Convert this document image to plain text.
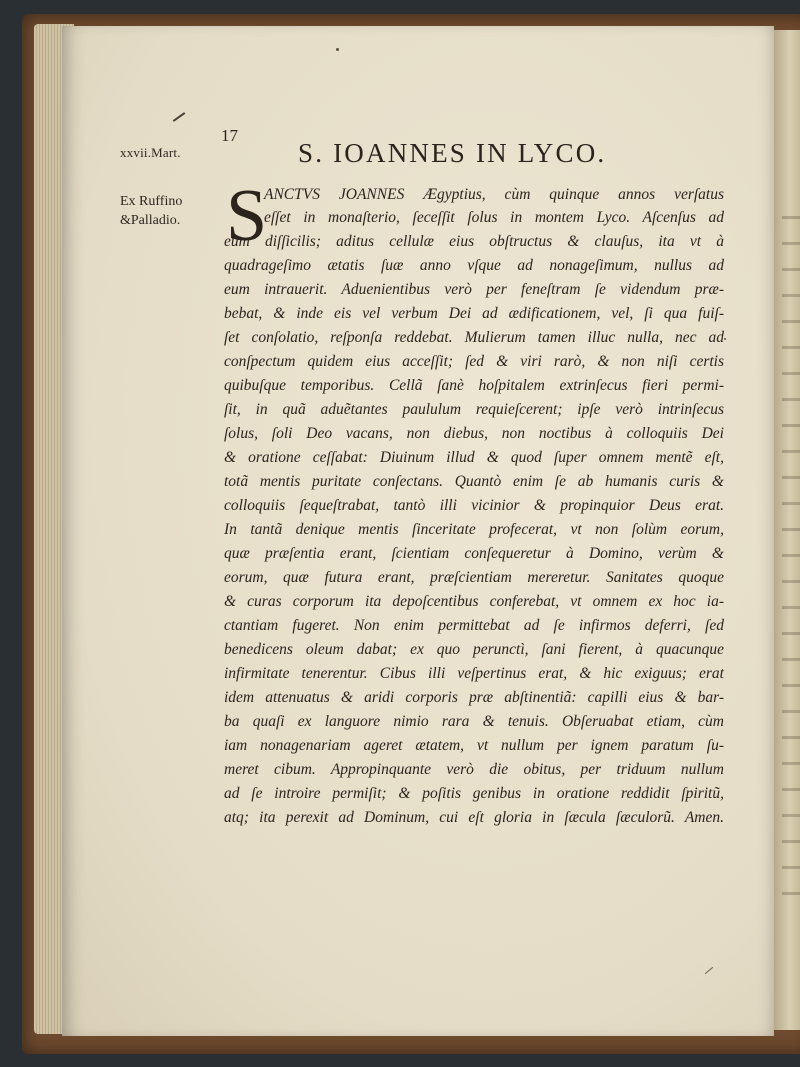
17
xxvii.Mart.	S. IOANNES IN LYCO.
Ex Ruffino
&Palladio. S
ANCTVS JOANNES Ægyptius, cùm quinque annos verſatus
eſſet in monaſterio, ſeceſſit ſolus in montem Lyco. Aſcenſus ad
eum diſſicilis; aditus cellulæ eius obſtructus & clauſus, ita vt à
quadrageſimo ætatis ſuæ anno vſque ad nonageſimum, nullus ad
eum intrauerit. Aduenientibus verò per feneſtram ſe videndum præ-
bebat, & inde eis vel verbum Dei ad ædificationem, vel, ſi qua fuiſ-
ſet conſolatio, reſponſa reddebat. Mulierum tamen illuc nulla, nec ad
conſpectum quidem eius acceſſit; ſed & viri rarò, & non niſi certis
quibuſque temporibus. Cellã ſanè hoſpitalem extrinſecus fieri permi-
ſit, in quã aduẽtantes paululum requieſcerent; ipſe verò intrinſecus
ſolus, ſoli Deo vacans, non diebus, non noctibus à colloquiis Dei
& oratione ceſſabat: Diuinum illud & quod ſuper omnem mentẽ eſt,
totã mentis puritate conſectans. Quantò enim ſe ab humanis curis &
colloquiis ſequeſtrabat, tantò illi vicinior & propinquior Deus erat.
In tantã denique mentis ſinceritate profecerat, vt non ſolùm eorum,
quæ præſentia erant, ſcientiam conſequeretur à Domino, verùm &
eorum, quæ futura erant, præſcientiam mereretur. Sanitates quoque
& curas corporum ita depoſcentibus conferebat, vt omnem ex hoc ia-
ctantiam fugeret. Non enim permittebat ad ſe infirmos deferri, ſed
benedicens oleum dabat; ex quo perunctì, ſani fierent, à quacunque
infirmitate tenerentur. Cibus illi veſpertinus erat, & hic exiguus; erat
idem attenuatus & aridi corporis præ abſtinentiã: capilli eius & bar-
ba quaſi ex languore nimio rara & tenuis. Obſeruabat etiam, cùm
iam nonagenariam ageret ætatem, vt nullum per ignem paratum ſu-
meret cibum. Appropinquante verò die obitus, per triduum nullum
ad ſe introire permiſit; & poſitis genibus in oratione reddidit ſpiritũ,
atq; ita perexit ad Dominum, cui eſt gloria in ſæcula ſæculorũ. Amen.
